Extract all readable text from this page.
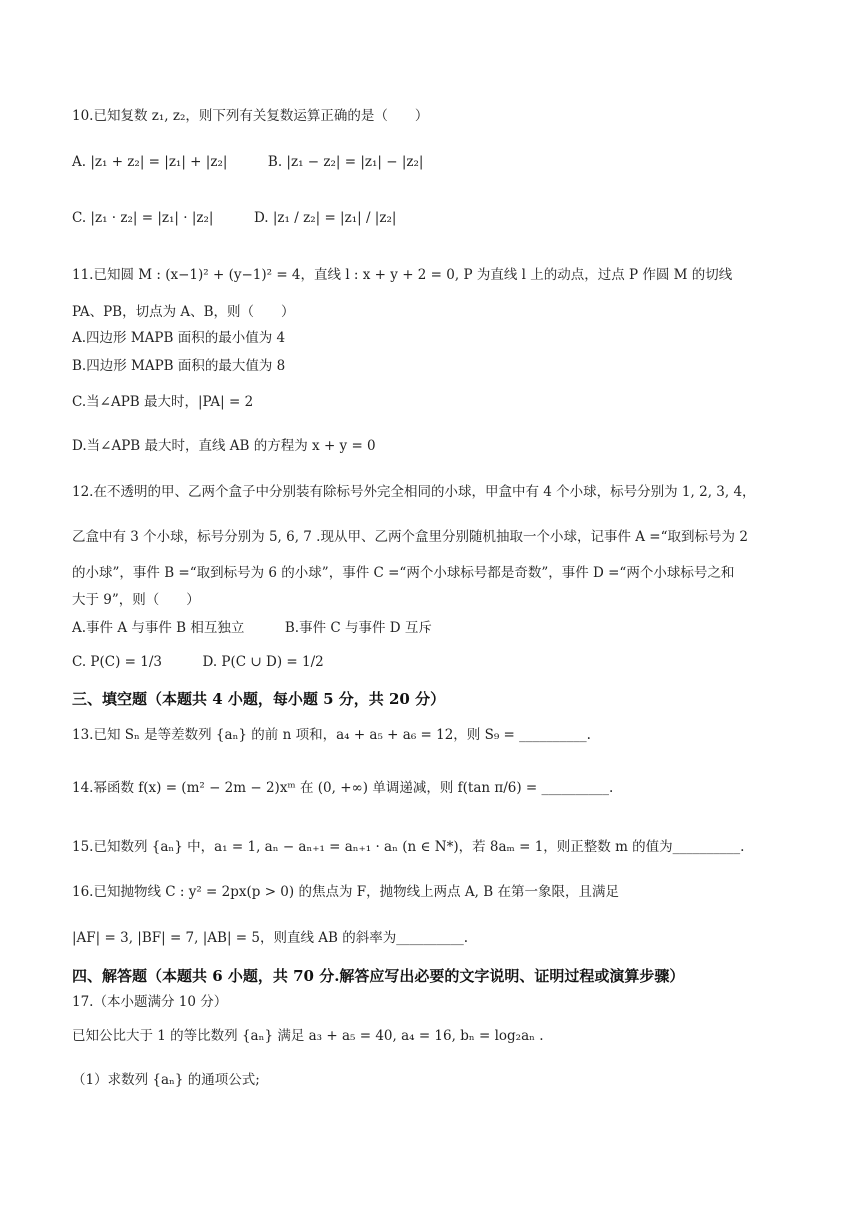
10.已知复数 z₁, z₂，则下列有关复数运算正确的是（　　）
A. |z₁ + z₂| = |z₁| + |z₂|　　　B. |z₁ − z₂| = |z₁| − |z₂|
C. |z₁ · z₂| = |z₁| · |z₂|　　　D. |z₁ / z₂| = |z₁| / |z₂|
11.已知圆 M : (x−1)² + (y−1)² = 4，直线 l : x + y + 2 = 0, P 为直线 l 上的动点，过点 P 作圆 M 的切线
PA、PB，切点为 A、B，则（　　）
A.四边形 MAPB 面积的最小值为 4
B.四边形 MAPB 面积的最大值为 8
C.当∠APB 最大时，|PA| = 2
D.当∠APB 最大时，直线 AB 的方程为 x + y = 0
12.在不透明的甲、乙两个盒子中分别装有除标号外完全相同的小球，甲盒中有 4 个小球，标号分别为 1, 2, 3, 4，
乙盒中有 3 个小球，标号分别为 5, 6, 7 .现从甲、乙两个盒里分别随机抽取一个小球，记事件 A =“取到标号为 2
的小球”，事件 B =“取到标号为 6 的小球”，事件 C =“两个小球标号都是奇数”，事件 D =“两个小球标号之和
大于 9”，则（　　）
A.事件 A 与事件 B 相互独立　　　B.事件 C 与事件 D 互斥
C. P(C) = 1/3　　　D. P(C ∪ D) = 1/2
三、填空题（本题共 4 小题，每小题 5 分，共 20 分）
13.已知 Sₙ 是等差数列 {aₙ} 的前 n 项和，a₄ + a₅ + a₆ = 12，则 S₉ = __________.
14.幂函数 f(x) = (m² − 2m − 2)xᵐ 在 (0, +∞) 单调递减，则 f(tan π/6) = __________.
15.已知数列 {aₙ} 中，a₁ = 1, aₙ − aₙ₊₁ = aₙ₊₁ · aₙ (n ∈ N*)，若 8aₘ = 1，则正整数 m 的值为__________.
16.已知抛物线 C : y² = 2px(p > 0) 的焦点为 F，抛物线上两点 A, B 在第一象限，且满足
|AF| = 3, |BF| = 7, |AB| = 5，则直线 AB 的斜率为__________.
四、解答题（本题共 6 小题，共 70 分.解答应写出必要的文字说明、证明过程或演算步骤）
17.（本小题满分 10 分）
已知公比大于 1 的等比数列 {aₙ} 满足 a₃ + a₅ = 40, a₄ = 16, bₙ = log₂aₙ .
（1）求数列 {aₙ} 的通项公式;
